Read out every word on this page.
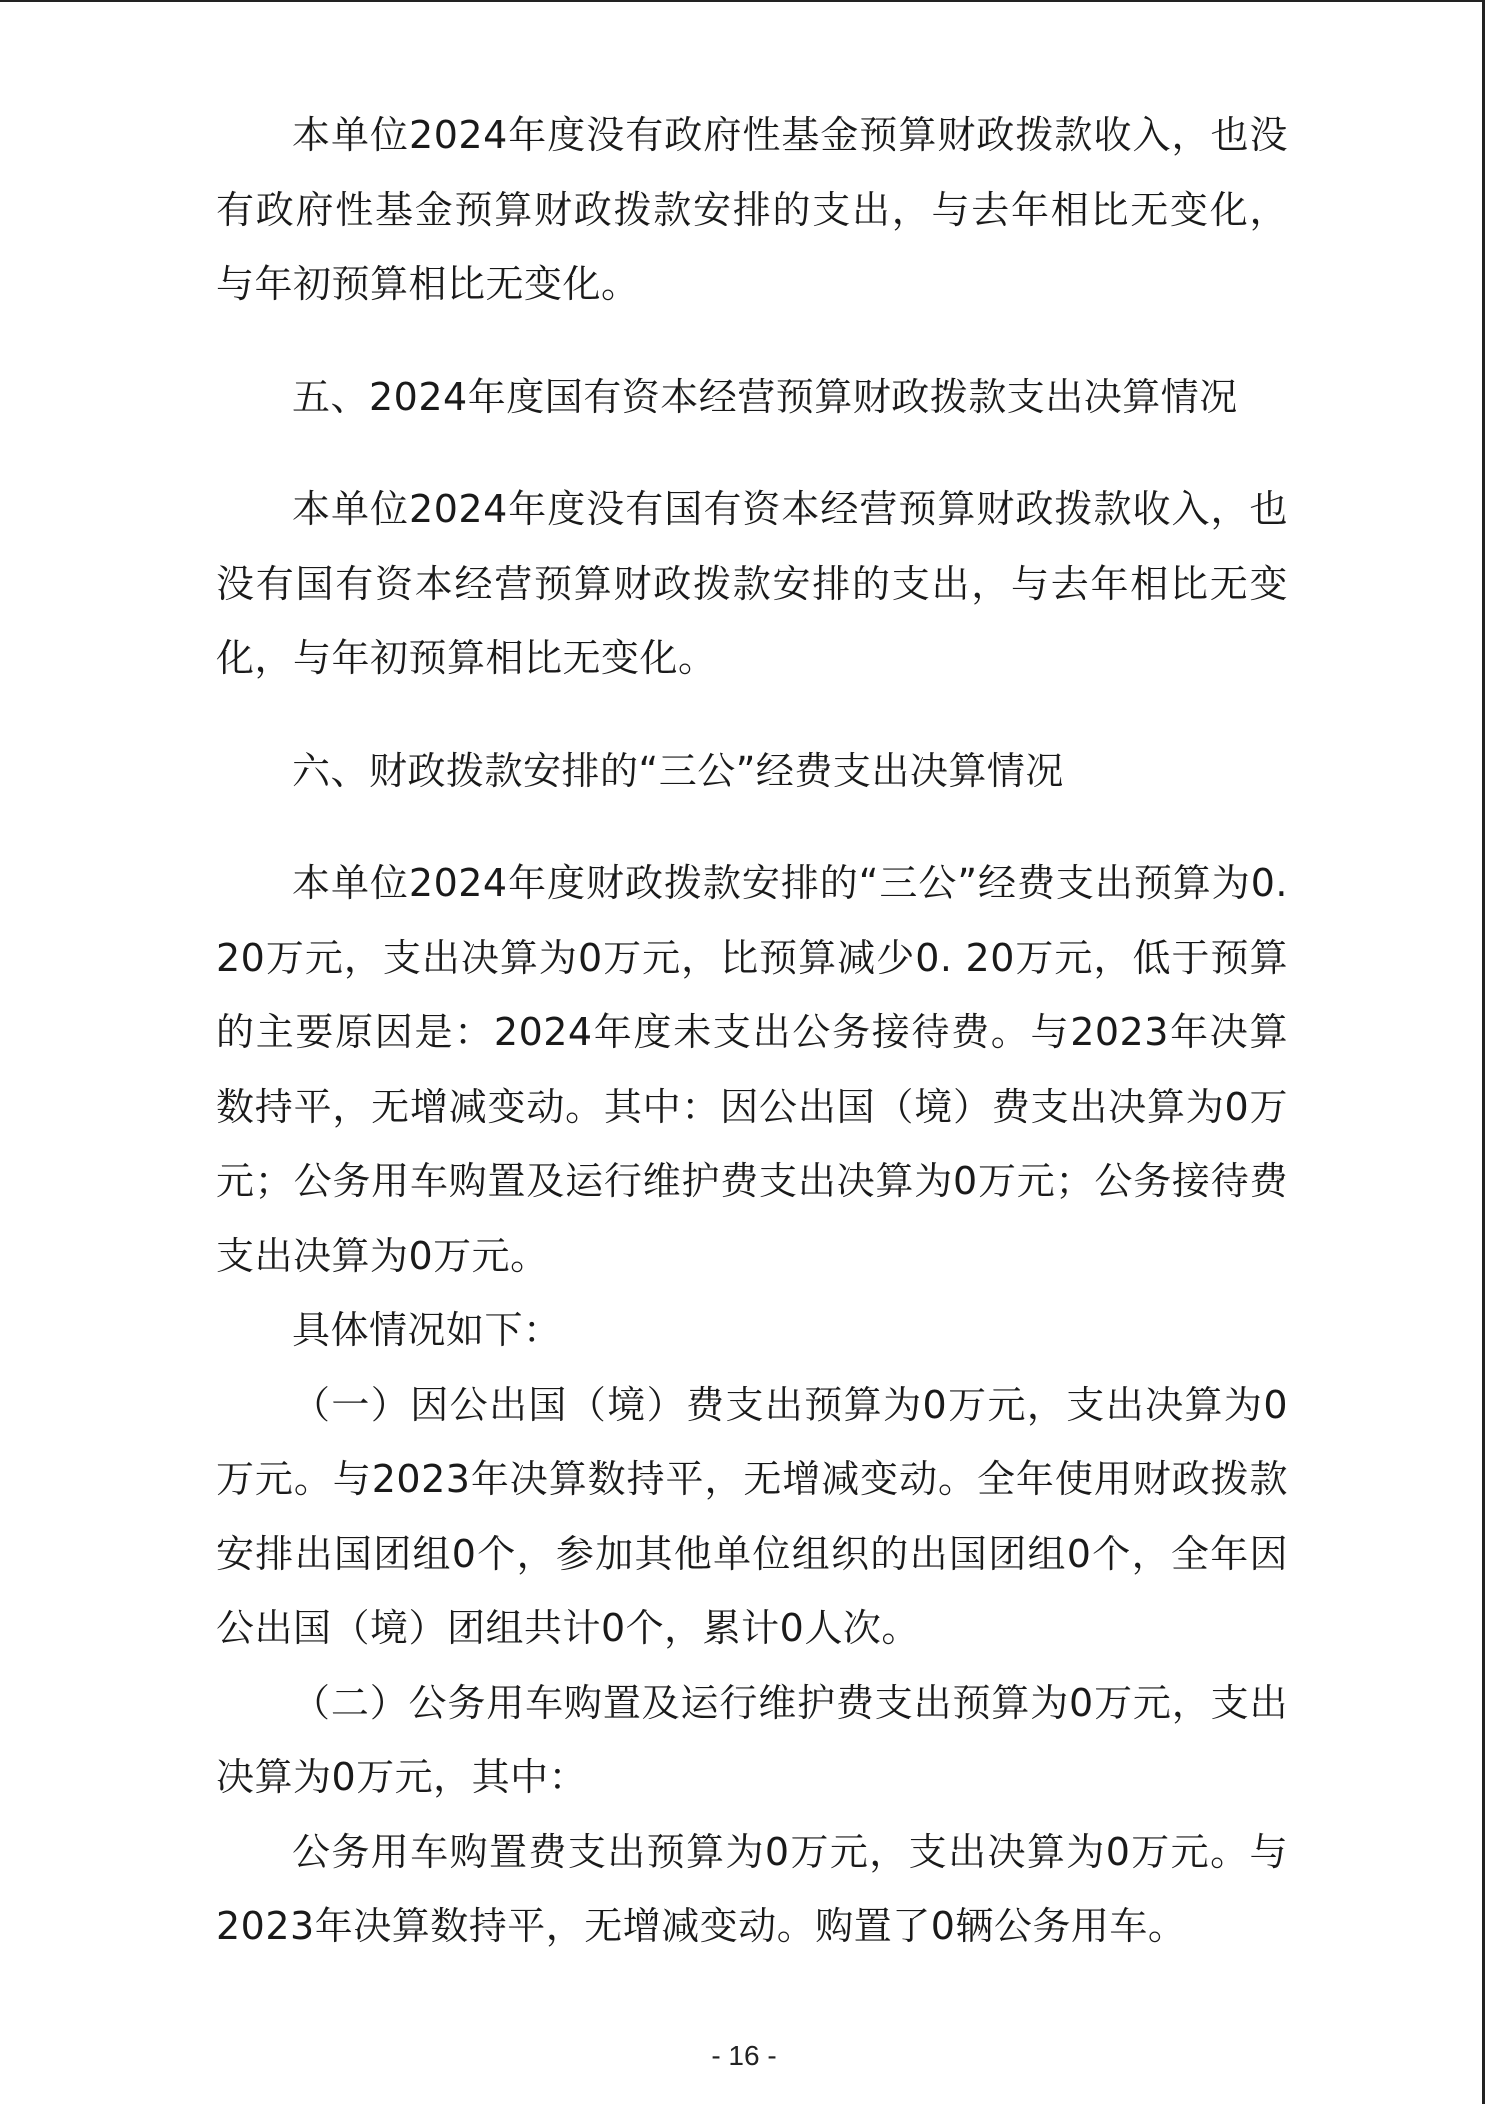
本单位2024年度没有政府性基金预算财政拨款收入，也没有政府性基金预算财政拨款安排的支出，与去年相比无变化，与年初预算相比无变化。

五、2024年度国有资本经营预算财政拨款支出决算情况

本单位2024年度没有国有资本经营预算财政拨款收入，也没有国有资本经营预算财政拨款安排的支出，与去年相比无变化，与年初预算相比无变化。

六、财政拨款安排的“三公”经费支出决算情况

本单位2024年度财政拨款安排的“三公”经费支出预算为0. 20万元，支出决算为0万元，比预算减少0. 20万元，低于预算的主要原因是：2024年度未支出公务接待费。与2023年决算数持平，无增减变动。其中：因公出国（境）费支出决算为0万元；公务用车购置及运行维护费支出决算为0万元；公务接待费支出决算为0万元。

具体情况如下：

（一）因公出国（境）费支出预算为0万元，支出决算为0万元。与2023年决算数持平，无增减变动。全年使用财政拨款安排出国团组0个，参加其他单位组织的出国团组0个，全年因公出国（境）团组共计0个，累计0人次。

（二）公务用车购置及运行维护费支出预算为0万元，支出决算为0万元，其中：

公务用车购置费支出预算为0万元，支出决算为0万元。与2023年决算数持平，无增减变动。购置了0辆公务用车。

- 16 -
